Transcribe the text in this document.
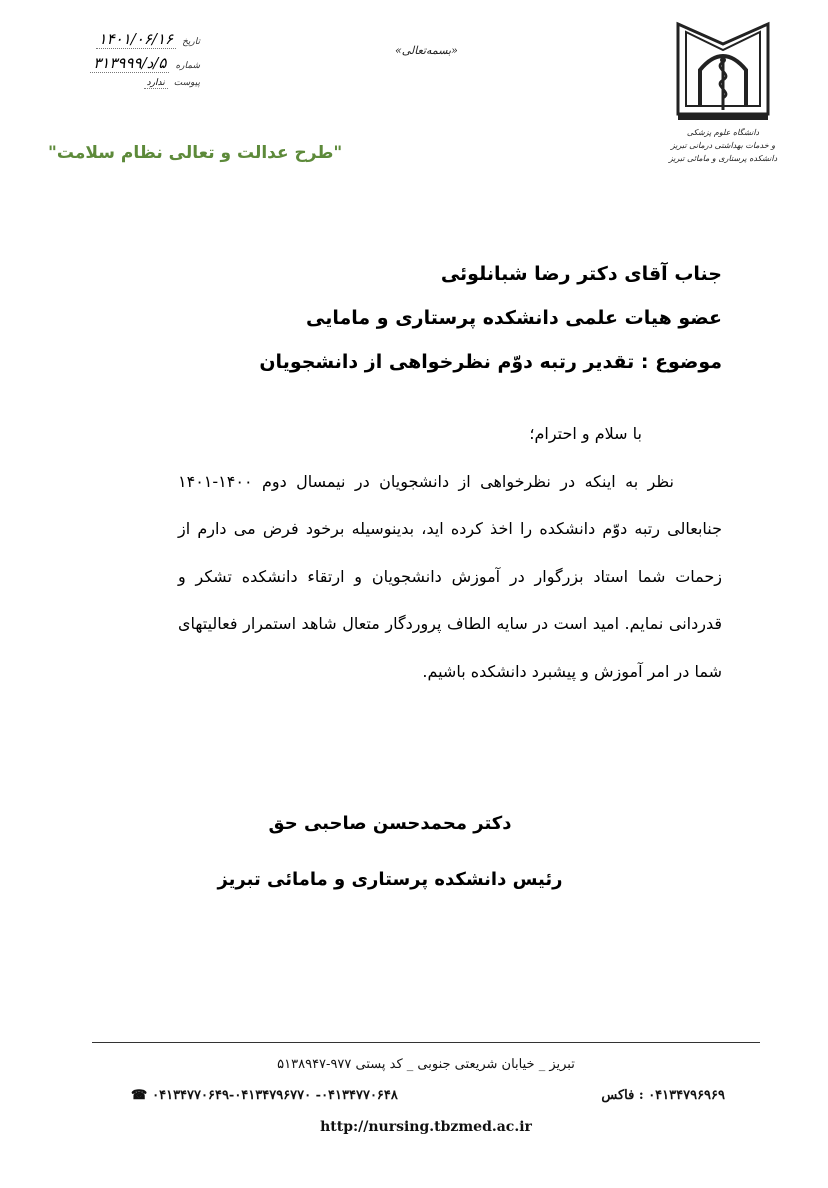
تاریخ
۱۴۰۱/۰۶/۱۶
شماره
۵/د/۳۱۳۹۹۹
پیوست
ندارد
«بسمه‌تعالی»
"طرح عدالت و تعالی نظام سلامت"
دانشگاه علوم پزشکی
و خدمات بهداشتی درمانی تبریز
دانشکده پرستاری و مامائی تبریز
جناب آقای دکتر رضا شبانلوئی
عضو هیات علمی دانشکده پرستاری و مامایی
موضوع : تقدیر رتبه دوّم نظرخواهی از دانشجویان
با سلام و احترام؛
نظر به اینکه در نظرخواهی از دانشجویان در نیمسال دوم ۱۴۰۰-۱۴۰۱ جنابعالی رتبه دوّم دانشکده را اخذ کرده اید، بدینوسیله برخود فرض می دارم از زحمات شما استاد بزرگوار در آموزش دانشجویان و ارتقاء دانشکده تشکر و قدردانی نمایم. امید است در سایه الطاف پروردگار متعال شاهد استمرار فعالیتهای شما در امر آموزش و پیشبرد دانشکده باشیم.
دکتر محمدحسن صاحبی حق
رئیس دانشکده پرستاری و مامائی تبریز
تبریز _ خیابان شریعتی جنوبی _ کد پستی ۹۷۷-۵۱۳۸۹۴۷
۰۴۱۳۴۷۹۶۹۶۹ : فاکس
۰۴۱۳۴۷۷۰۶۴۸- ۰۴۱۳۴۷۷۰۶۴۹-۰۴۱۳۴۷۹۶۷۷۰ ☎
http://nursing.tbzmed.ac.ir
